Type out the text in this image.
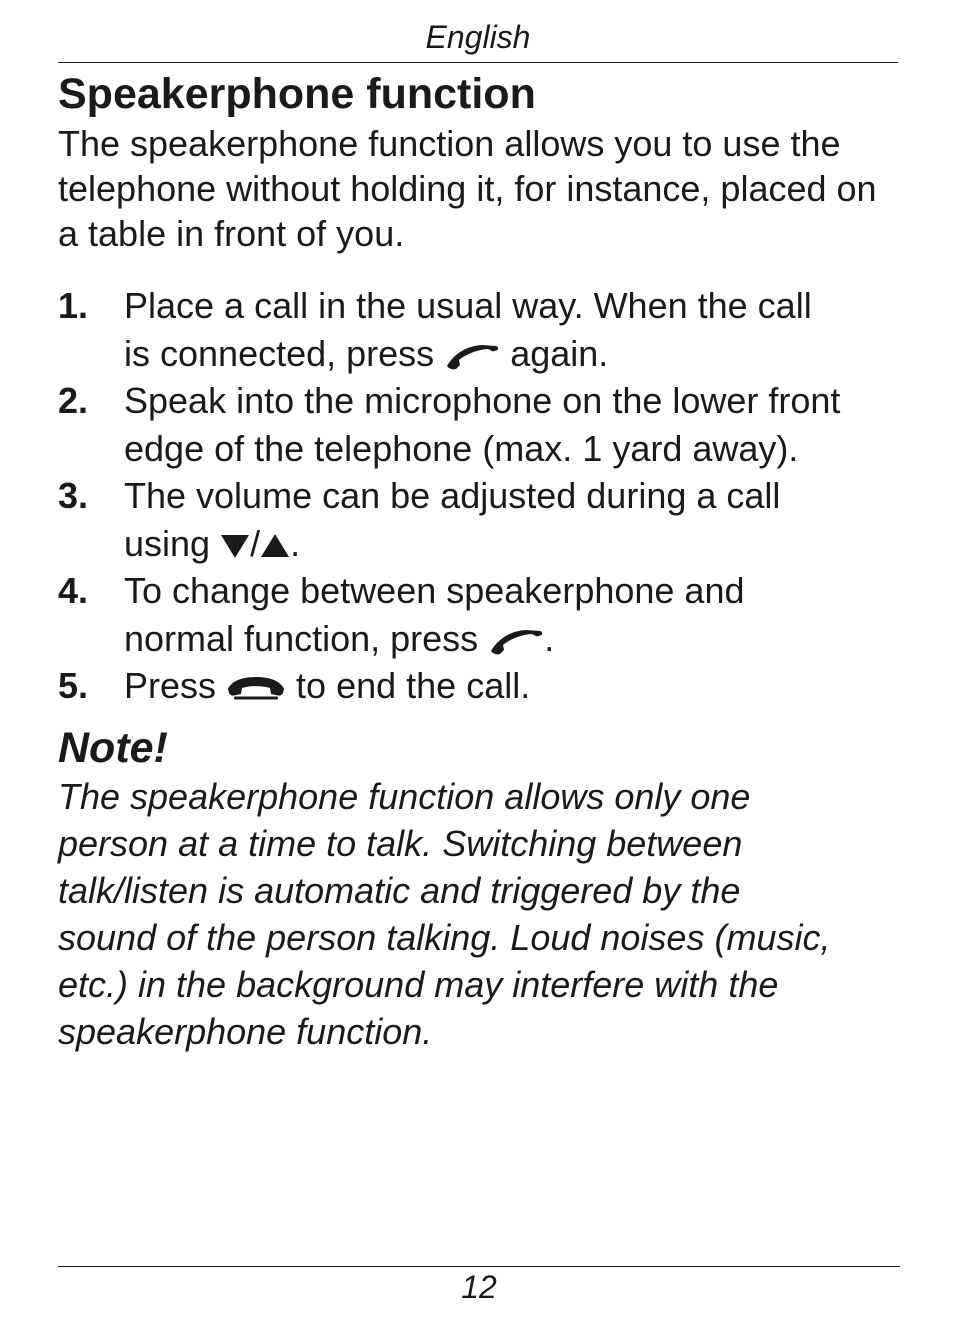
English
Speakerphone function

The speakerphone function allows you to use the telephone without holding it, for instance, placed on a table in front of you.

1. Place a call in the usual way. When the call
is connected, press
again.
2. Speak into the microphone on the lower front
edge of the telephone (max. 1 yard away).
3. The volume can be adjusted during a call
using / .
4. To change between speakerphone and
normal function, press .
5. Press
to end the call.
Note!

The speakerphone function allows only one
person at a time to talk. Switching between
talk/listen is automatic and triggered by the
sound of the person talking. Loud noises (music,
etc.) in the background may interfere with the
speakerphone function.

12
